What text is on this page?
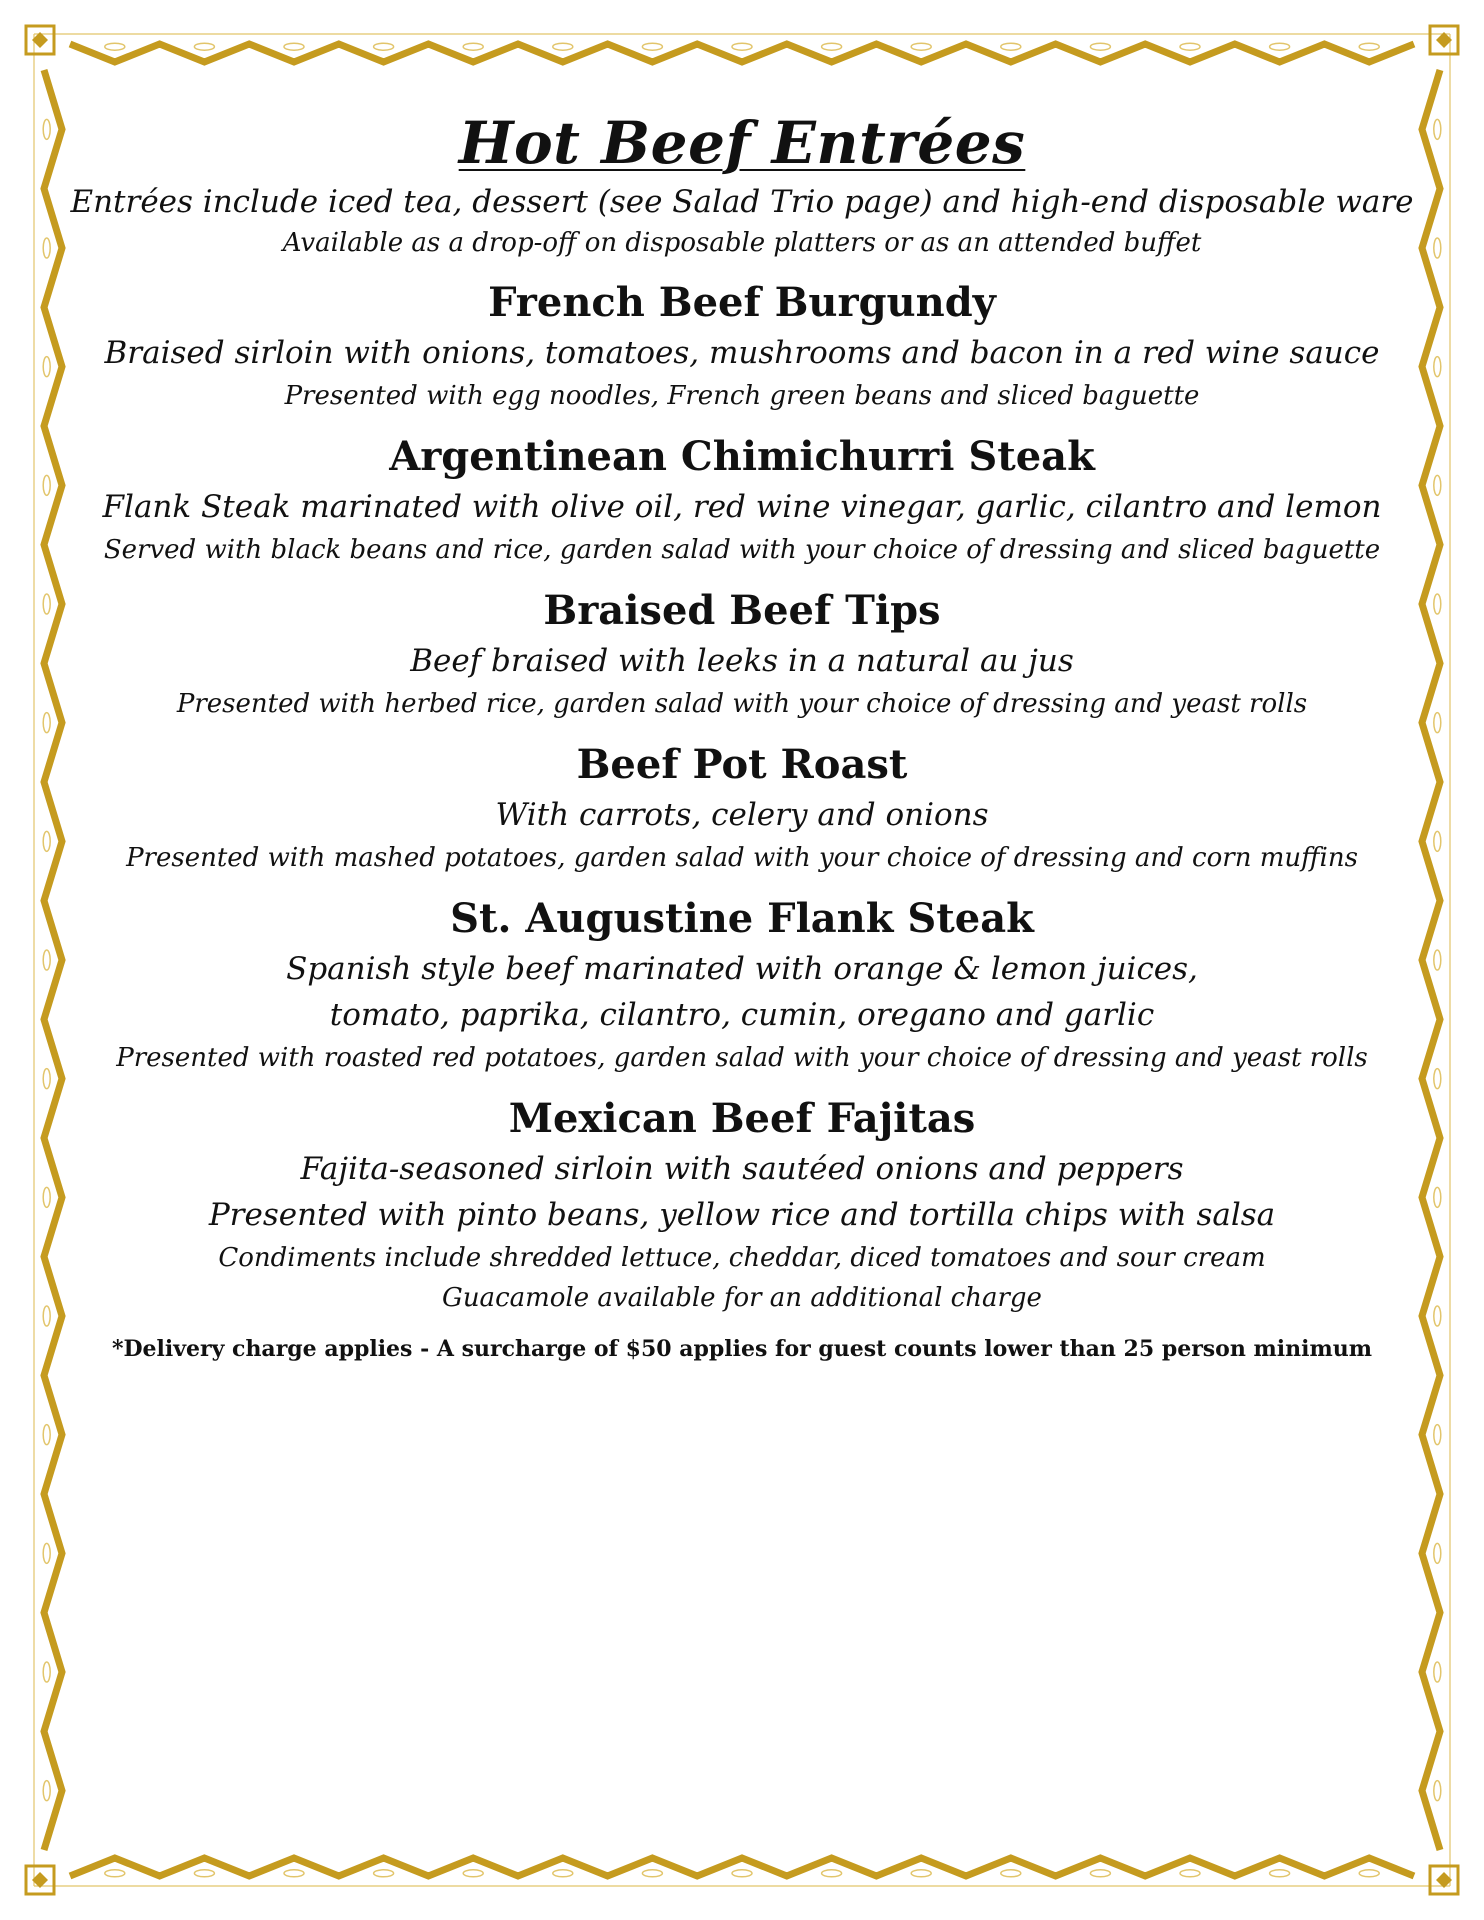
Hot Beef Entrées

Entrées include iced tea, dessert (see Salad Trio page) and high-end disposable ware

Available as a drop-off on disposable platters or as an attended buffet

French Beef Burgundy

Braised sirloin with onions, tomatoes, mushrooms and bacon in a red wine sauce

Presented with egg noodles, French green beans and sliced baguette

Argentinean Chimichurri Steak

Flank Steak marinated with olive oil, red wine vinegar, garlic, cilantro and lemon

Served with black beans and rice, garden salad with your choice of dressing and sliced baguette

Braised Beef Tips

Beef braised with leeks in a natural au jus

Presented with herbed rice, garden salad with your choice of dressing and yeast rolls

Beef Pot Roast

With carrots, celery and onions

Presented with mashed potatoes, garden salad with your choice of dressing and corn muffins

St. Augustine Flank Steak

Spanish style beef marinated with orange & lemon juices,

tomato, paprika, cilantro, cumin, oregano and garlic

Presented with roasted red potatoes, garden salad with your choice of dressing and yeast rolls

Mexican Beef Fajitas

Fajita-seasoned sirloin with sautéed onions and peppers

Presented with pinto beans, yellow rice and tortilla chips with salsa

Condiments include shredded lettuce, cheddar, diced tomatoes and sour cream

Guacamole available for an additional charge

*Delivery charge applies - A surcharge of $50 applies for guest counts lower than 25 person minimum
